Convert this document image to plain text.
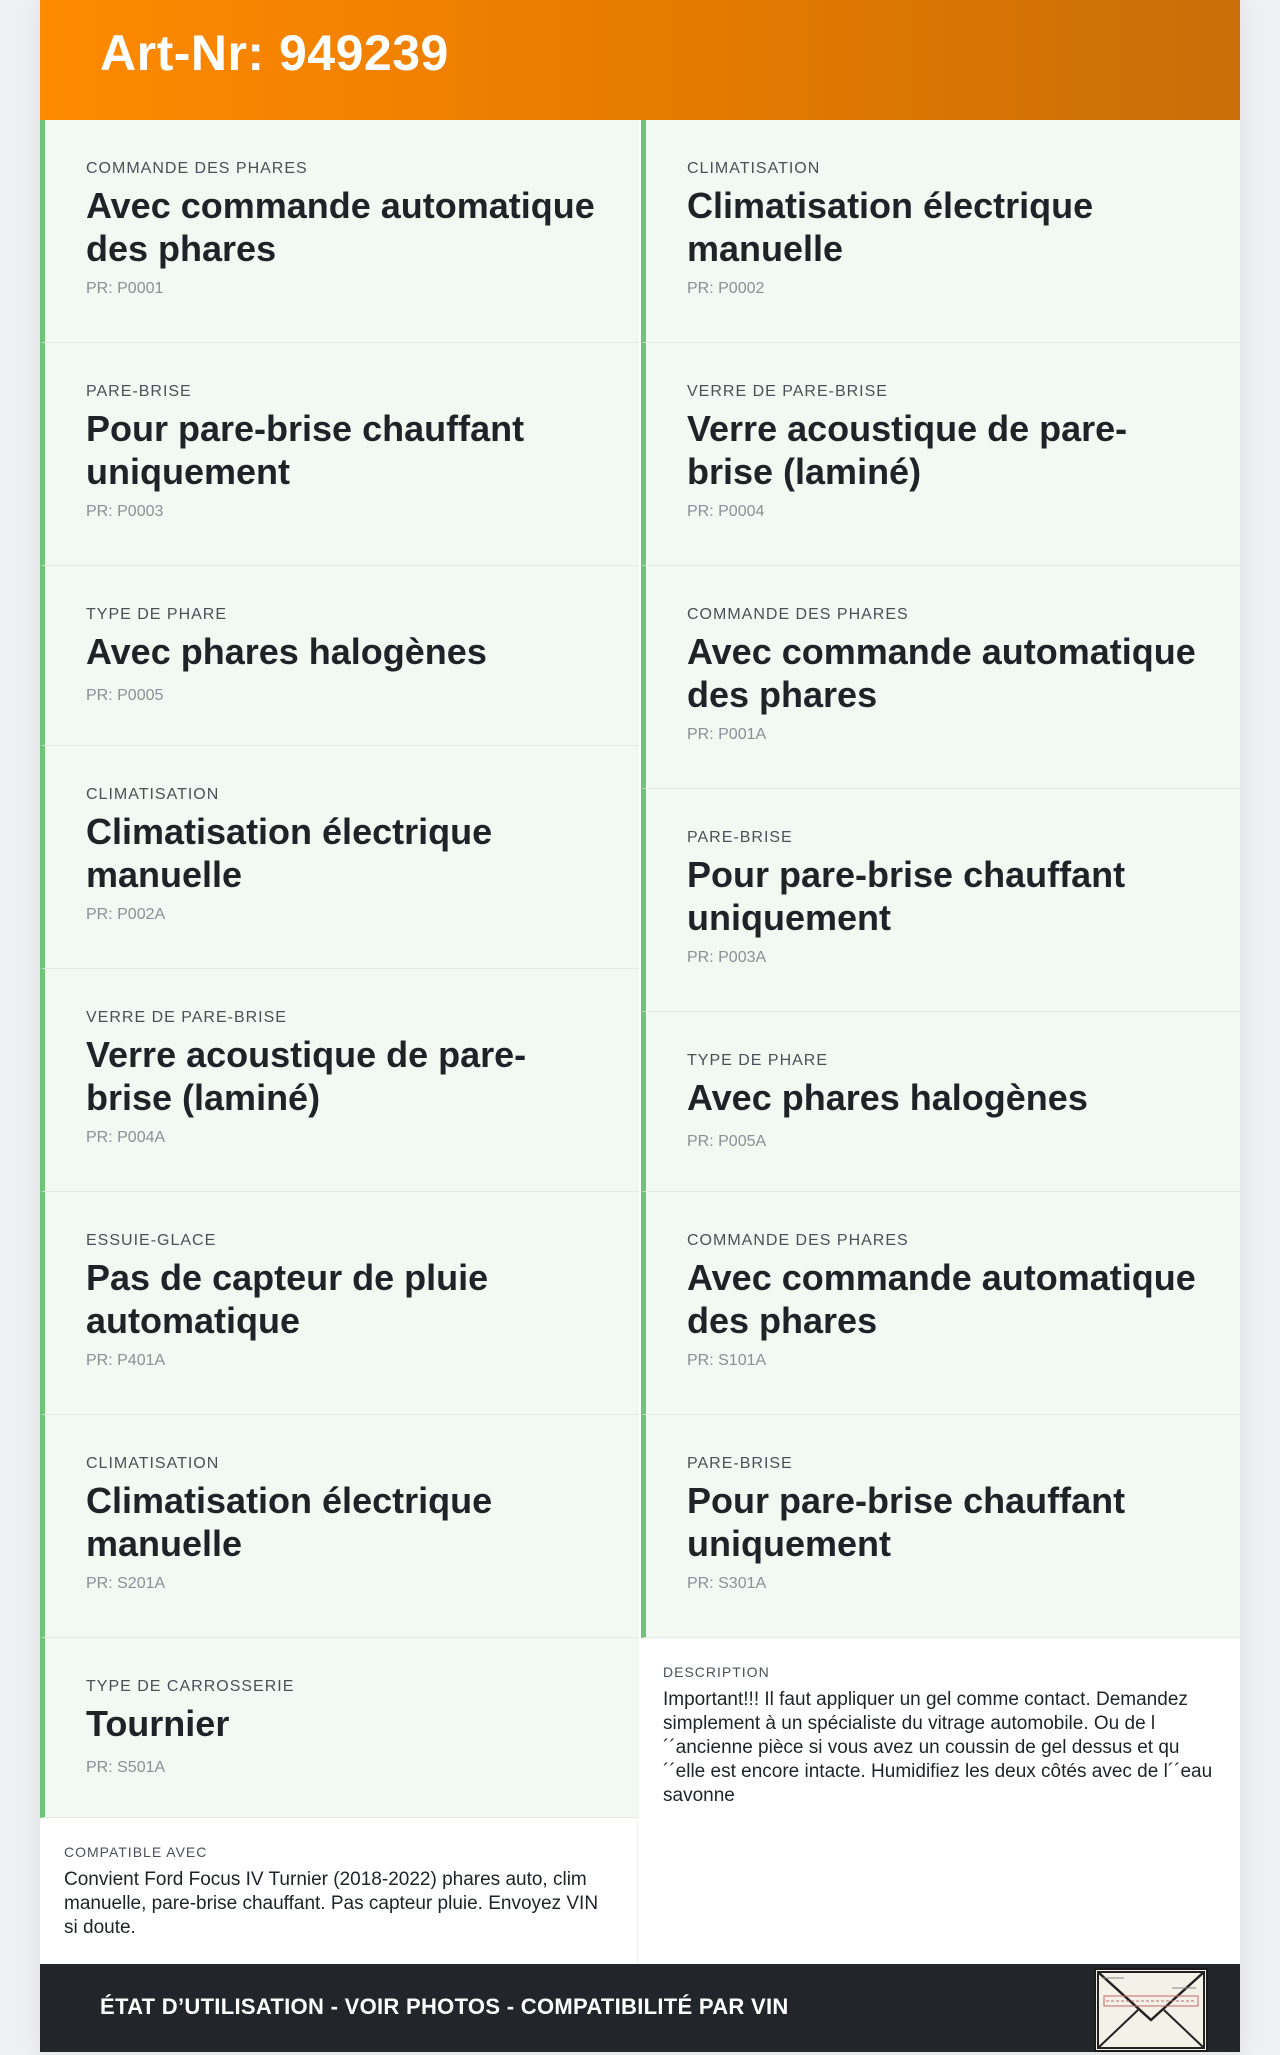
Art-Nr: 949239
COMMANDE DES PHARES
Avec commande automatique des phares
PR: P0001
PARE-BRISE
Pour pare-brise chauffant uniquement
PR: P0003
TYPE DE PHARE
Avec phares halogènes
PR: P0005
CLIMATISATION
Climatisation électrique manuelle
PR: P002A
VERRE DE PARE-BRISE
Verre acoustique de pare-brise (laminé)
PR: P004A
ESSUIE-GLACE
Pas de capteur de pluie automatique
PR: P401A
CLIMATISATION
Climatisation électrique manuelle
PR: S201A
TYPE DE CARROSSERIE
Tournier
PR: S501A
CLIMATISATION
Climatisation électrique manuelle
PR: P0002
VERRE DE PARE-BRISE
Verre acoustique de pare-brise (laminé)
PR: P0004
COMMANDE DES PHARES
Avec commande automatique des phares
PR: P001A
PARE-BRISE
Pour pare-brise chauffant uniquement
PR: P003A
TYPE DE PHARE
Avec phares halogènes
PR: P005A
COMMANDE DES PHARES
Avec commande automatique des phares
PR: S101A
PARE-BRISE
Pour pare-brise chauffant uniquement
PR: S301A
DESCRIPTION

Important!!! Il faut appliquer un gel comme contact. Demandez simplement à un spécialiste du vitrage automobile. Ou de l´´ancienne pièce si vous avez un coussin de gel dessus et qu´´elle est encore intacte. Humidifiez les deux côtés avec de l´´eau savonne

COMPATIBLE AVEC

Convient Ford Focus IV Turnier (2018-2022) phares auto, clim manuelle, pare-brise chauffant. Pas capteur pluie. Envoyez VIN si doute.

ÉTAT D’UTILISATION - VOIR PHOTOS - COMPATIBILITÉ PAR VIN
